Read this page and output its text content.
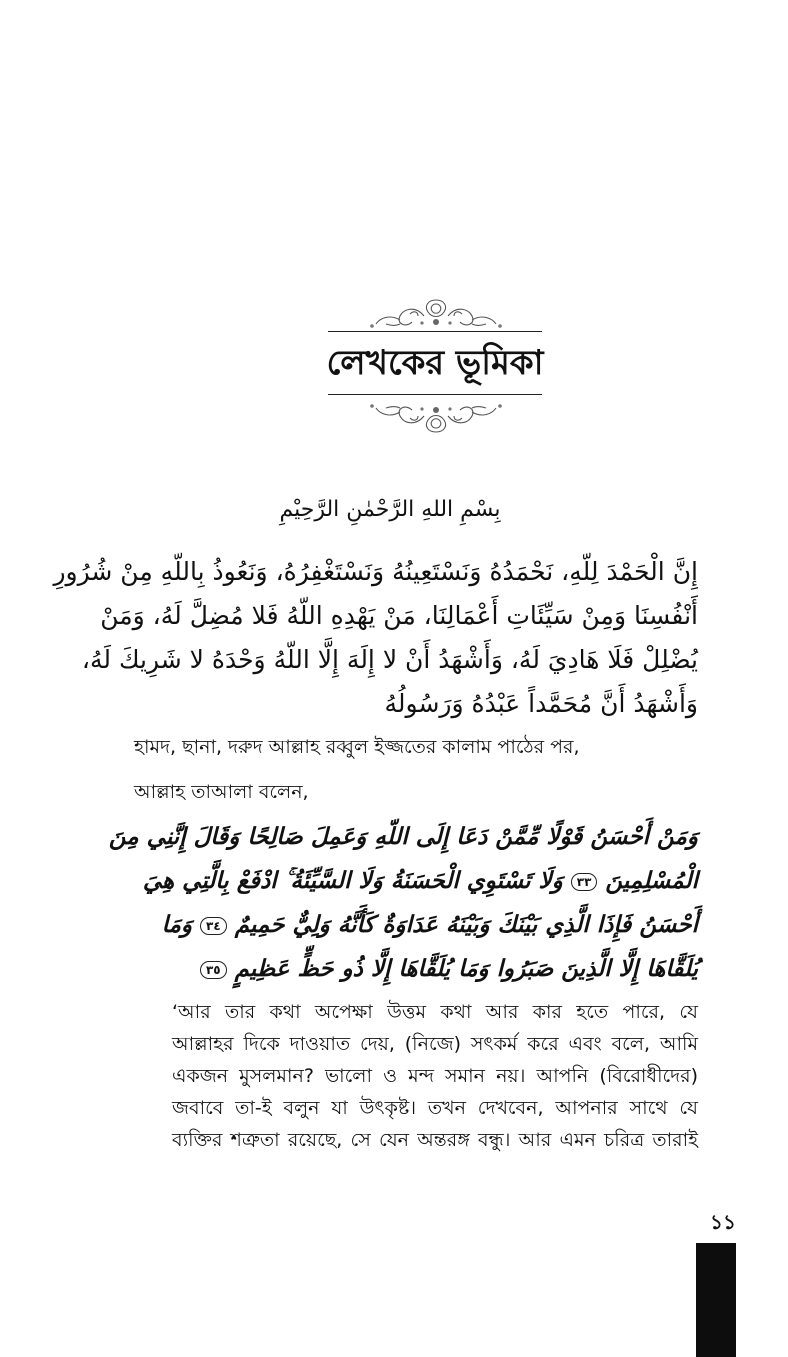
লেখকের ভূমিকা
بِسْمِ اللهِ الرَّحْمٰنِ الرَّحِيْمِ
إِنَّ الْحَمْدَ لِلّهِ، نَحْمَدُهُ وَنَسْتَعِينُهُ وَنَسْتَغْفِرُهُ، وَنَعُوذُ بِاللّهِ مِنْ شُرُورِ
أَنْفُسِنَا وَمِنْ سَيِّئَاتِ أَعْمَالِنَا، مَنْ يَهْدِهِ اللّهُ فَلا مُضِلَّ لَهُ، وَمَنْ
يُضْلِلْ فَلَا هَادِيَ لَهُ، وَأَشْهَدُ أَنْ لا إِلَهَ إِلَّا اللّهُ وَحْدَهُ لا شَرِيكَ لَهُ،
وَأَشْهَدُ أَنَّ مُحَمَّداً عَبْدُهُ وَرَسُولُهُ
হামদ, ছানা, দরুদ আল্লাহ রব্বুল ইজ্জতের কালাম পাঠের পর,
আল্লাহ তাআলা বলেন,
وَمَنْ أَحْسَنُ قَوْلًا مِّمَّنْ دَعَا إِلَى اللّهِ وَعَمِلَ صَالِحًا وَقَالَ إِنَّنِي مِنَ
الْمُسْلِمِينَ ٣٣ وَلَا تَسْتَوِي الْحَسَنَةُ وَلَا السَّيِّئَةُ ۚ ادْفَعْ بِالَّتِي هِيَ
أَحْسَنُ فَإِذَا الَّذِي بَيْنَكَ وَبَيْنَهُ عَدَاوَةٌ كَأَنَّهُ وَلِيٌّ حَمِيمٌ ٣٤ وَمَا
يُلَقَّاهَا إِلَّا الَّذِينَ صَبَرُوا وَمَا يُلَقَّاهَا إِلَّا ذُو حَظٍّ عَظِيمٍ ٣٥
‘আর তার কথা অপেক্ষা উত্তম কথা আর কার হতে পারে, যে
আল্লাহর দিকে দাওয়াত দেয়, (নিজে) সৎকর্ম করে এবং বলে, আমি
একজন মুসলমান? ভালো ও মন্দ সমান নয়। আপনি (বিরোধীদের)
জবাবে তা-ই বলুন যা উৎকৃষ্ট। তখন দেখবেন, আপনার সাথে যে
ব্যক্তির শত্রুতা রয়েছে, সে যেন অন্তরঙ্গ বন্ধু। আর এমন চরিত্র তারাই
১১
